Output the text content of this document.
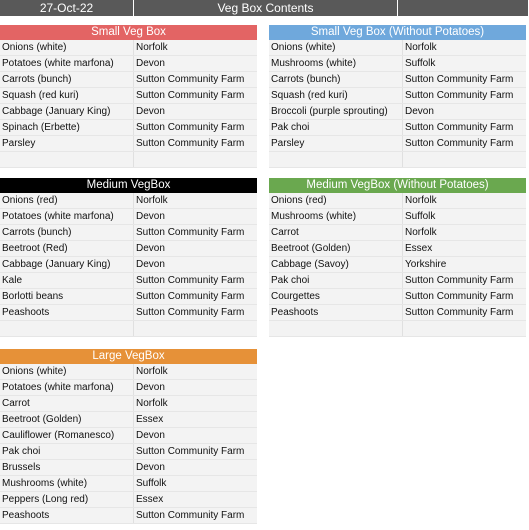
27-Oct-22	Veg Box Contents
Small Veg Box
Onions (white)	Norfolk
Potatoes (white marfona)	Devon
Carrots (bunch)	Sutton Community Farm
Squash (red kuri)	Sutton Community Farm
Cabbage (January King)	Devon
Spinach (Erbette)	Sutton Community Farm
Parsley	Sutton Community Farm
Small Veg Box (Without Potatoes)
Onions (white)	Norfolk
Mushrooms (white)	Suffolk
Carrots (bunch)	Sutton Community Farm
Squash (red kuri)	Sutton Community Farm
Broccoli (purple sprouting)	Devon
Pak choi	Sutton Community Farm
Parsley	Sutton Community Farm
Medium VegBox
Onions (red)	Norfolk
Potatoes (white marfona)	Devon
Carrots (bunch)	Sutton Community Farm
Beetroot (Red)	Devon
Cabbage (January King)	Devon
Kale	Sutton Community Farm
Borlotti beans	Sutton Community Farm
Peashoots	Sutton Community Farm
Medium VegBox (Without Potatoes)
Onions (red)	Norfolk
Mushrooms (white)	Suffolk
Carrot	Norfolk
Beetroot (Golden)	Essex
Cabbage (Savoy)	Yorkshire
Pak choi	Sutton Community Farm
Courgettes	Sutton Community Farm
Peashoots	Sutton Community Farm
Large VegBox
Onions (white)	Norfolk
Potatoes (white marfona)	Devon
Carrot	Norfolk
Beetroot (Golden)	Essex
Cauliflower (Romanesco)	Devon
Pak choi	Sutton Community Farm
Brussels	Devon
Mushrooms (white)	Suffolk
Peppers (Long red)	Essex
Peashoots	Sutton Community Farm
